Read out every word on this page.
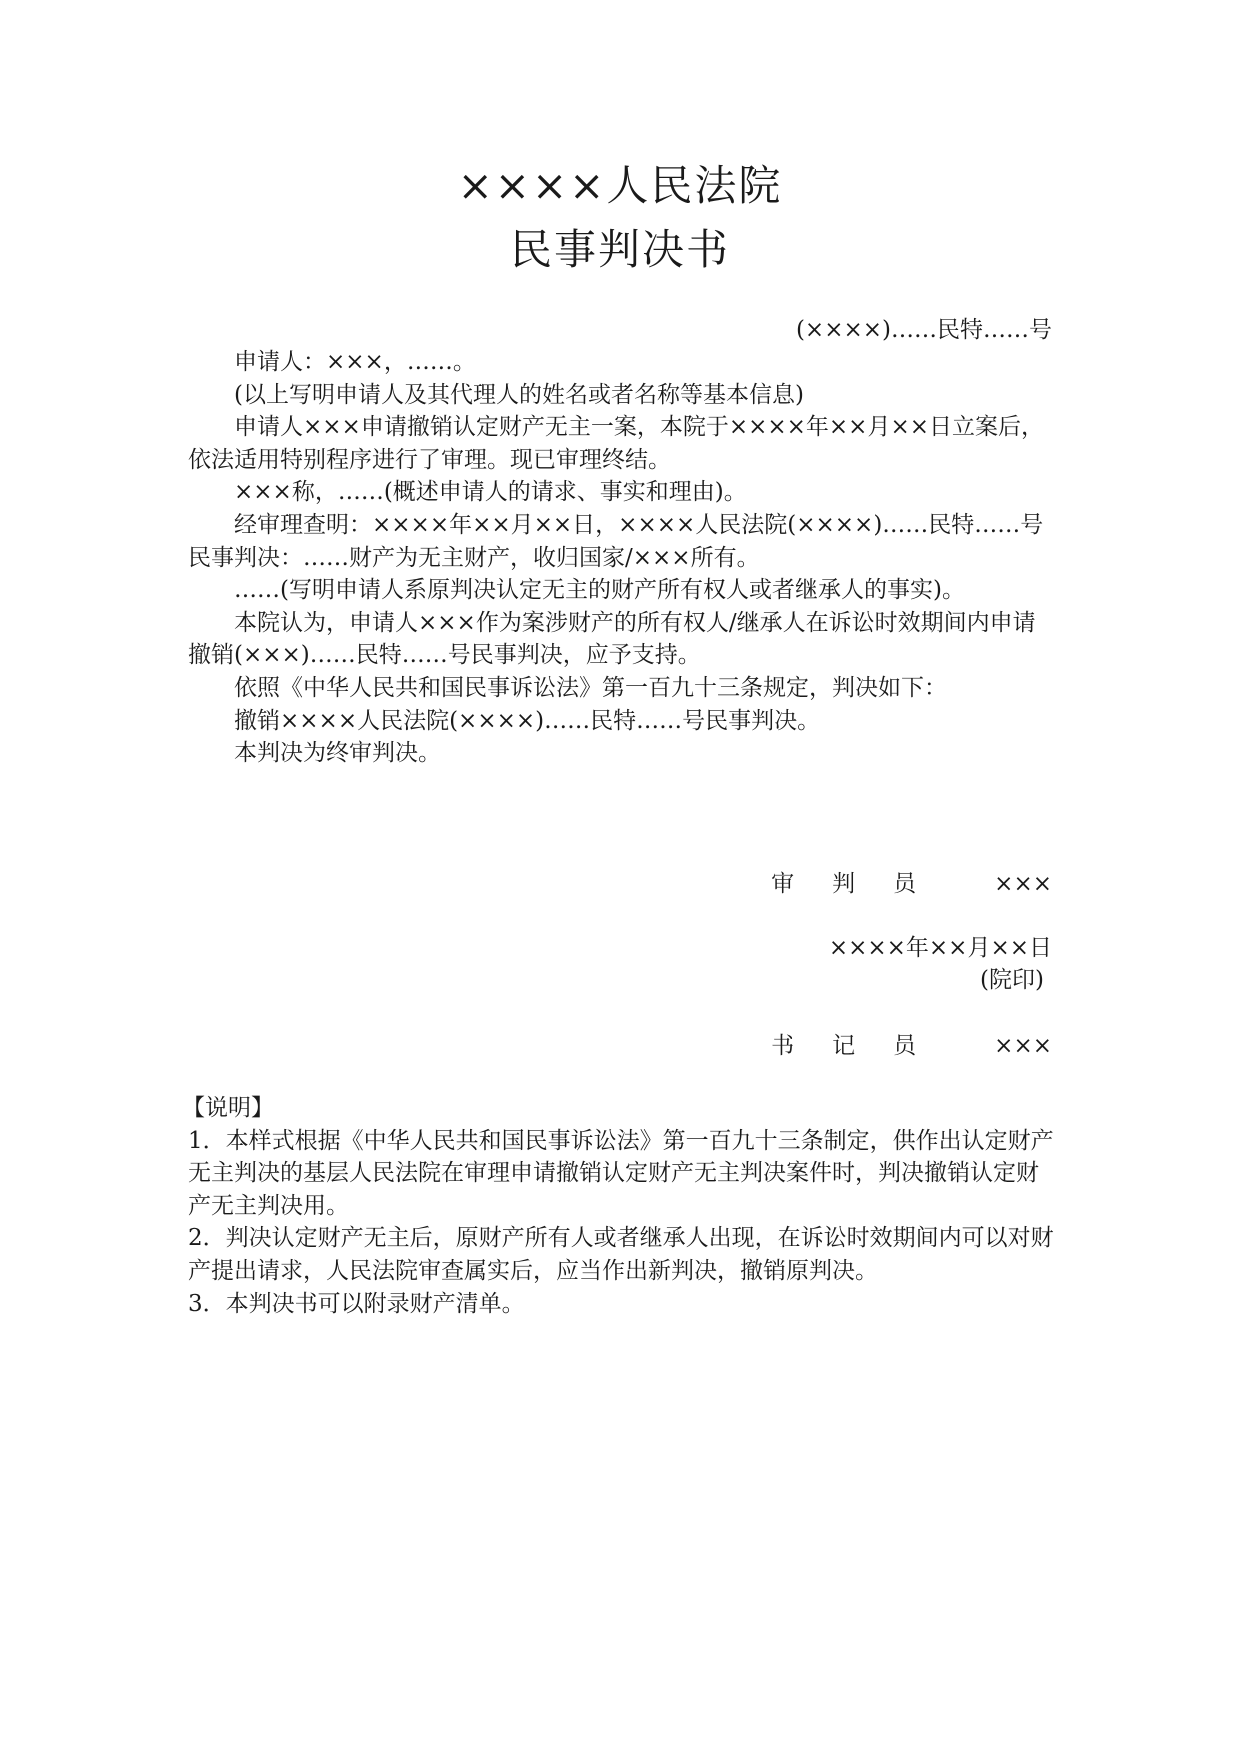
××××人民法院
民事判决书
(××××)……民特……号

申请人：×××，……。

(以上写明申请人及其代理人的姓名或者名称等基本信息)

申请人×××申请撤销认定财产无主一案，本院于××××年××月××日立案后，依法适用特别程序进行了审理。现已审理终结。

×××称，……(概述申请人的请求、事实和理由)。

经审理查明：××××年××月××日，××××人民法院(××××)……民特……号民事判决：……财产为无主财产，收归国家/×××所有。

……(写明申请人系原判决认定无主的财产所有权人或者继承人的事实)。

本院认为，申请人×××作为案涉财产的所有权人/继承人在诉讼时效期间内申请撤销(×××)……民特……号民事判决，应予支持。

依照《中华人民共和国民事诉讼法》第一百九十三条规定，判决如下：

撤销××××人民法院(××××)……民特……号民事判决。

本判决为终审判决。

审判员 ×××
××××年××月××日
(院印)
书记员 ×××

【说明】

1．本样式根据《中华人民共和国民事诉讼法》第一百九十三条制定，供作出认定财产无主判决的基层人民法院在审理申请撤销认定财产无主判决案件时，判决撤销认定财产无主判决用。

2．判决认定财产无主后，原财产所有人或者继承人出现，在诉讼时效期间内可以对财产提出请求，人民法院审查属实后，应当作出新判决，撤销原判决。

3．本判决书可以附录财产清单。
